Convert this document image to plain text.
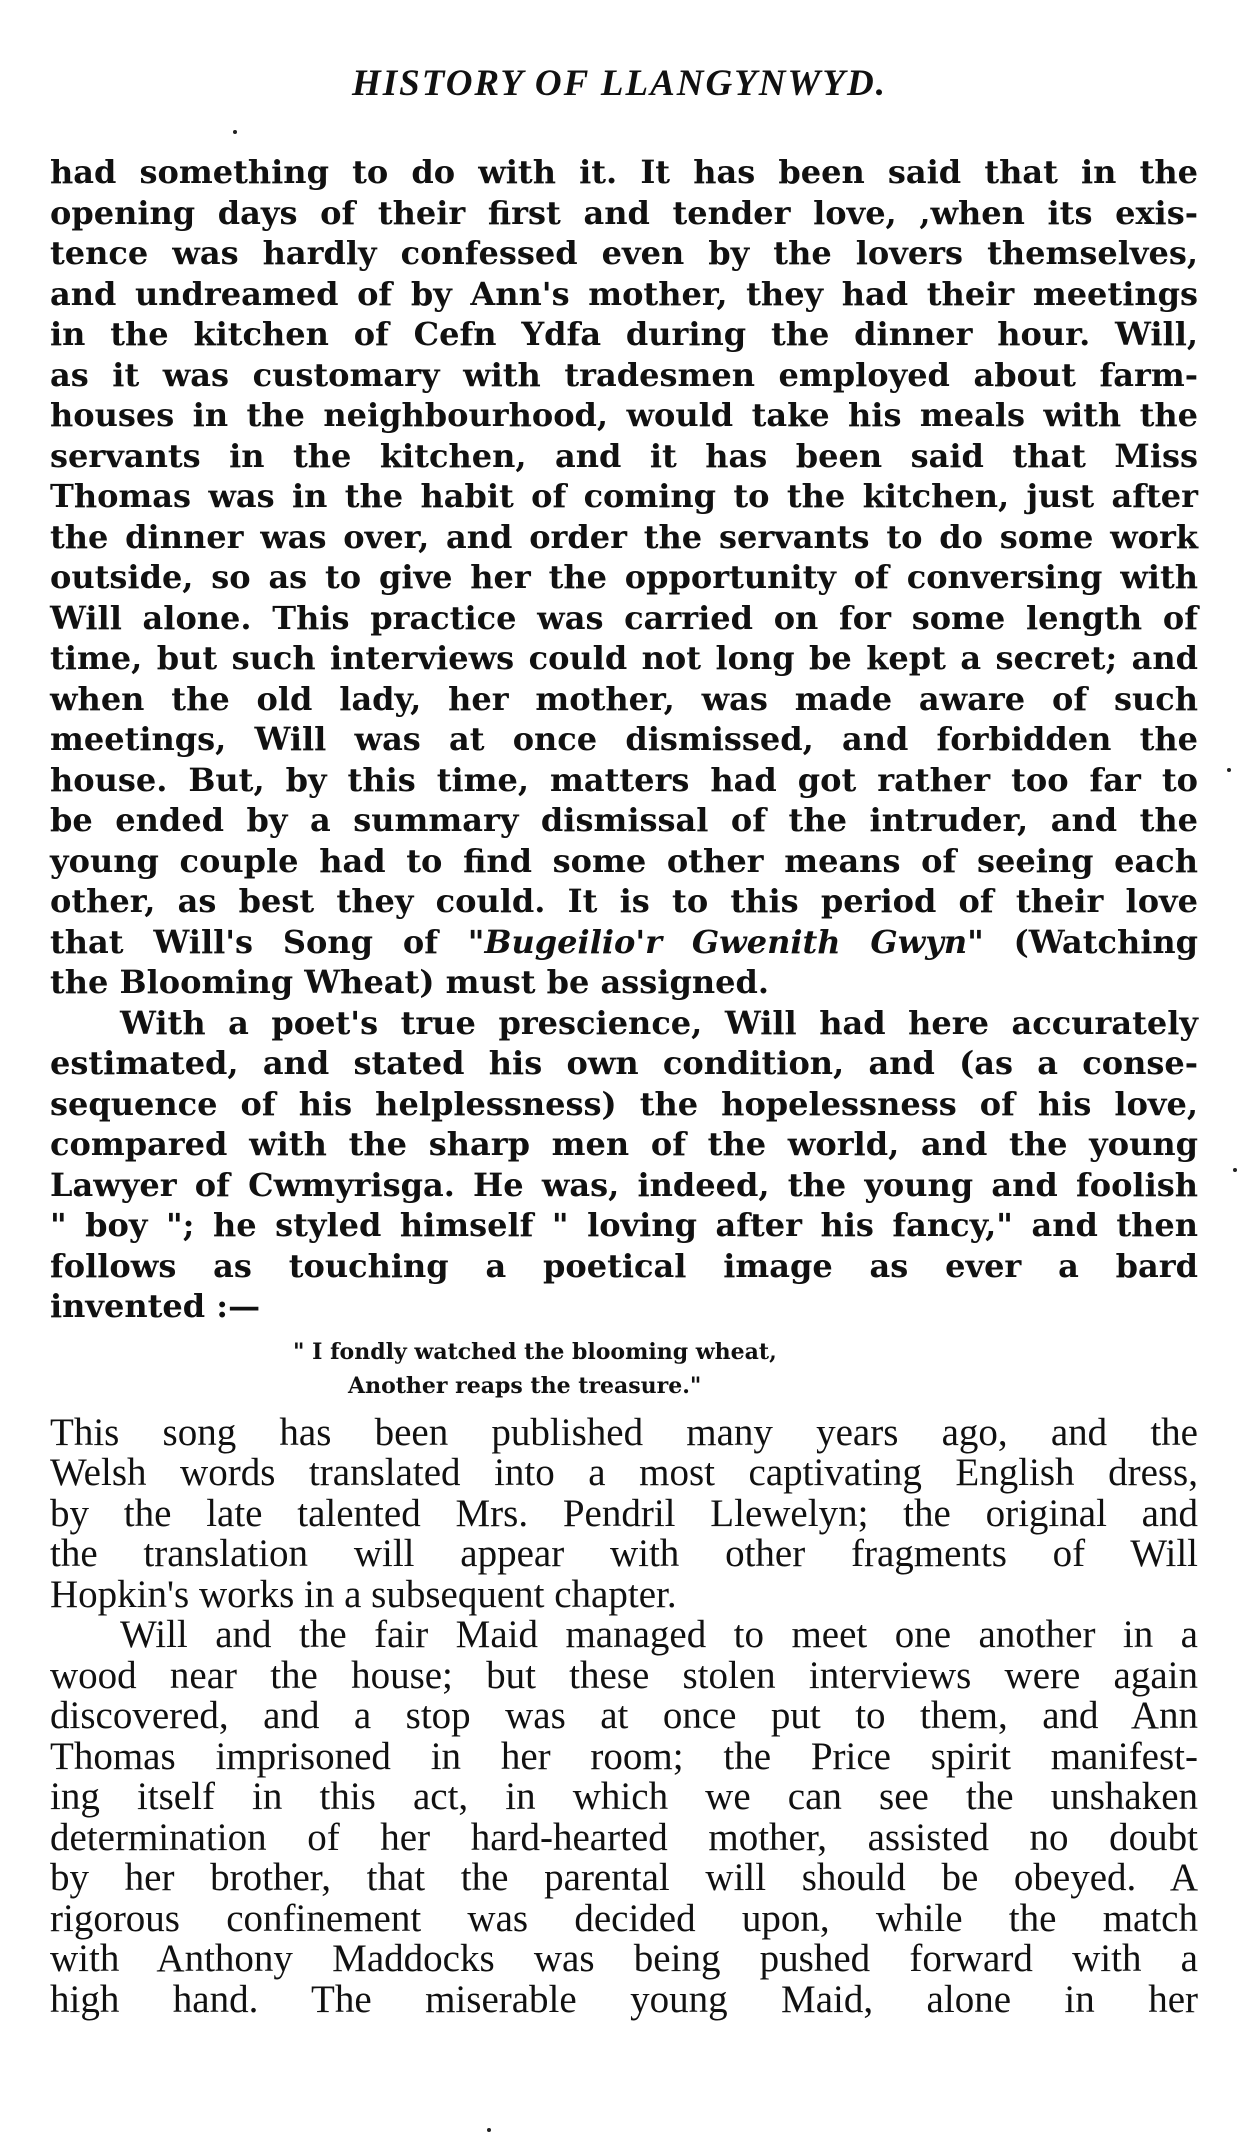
HISTORY OF LLANGYNWYD.
had something to do with it. It has been said that in the
opening days of their first and tender love, ,when its exis-
tence was hardly confessed even by the lovers themselves,
and undreamed of by Ann's mother, they had their meetings
in the kitchen of Cefn Ydfa during the dinner hour. Will,
as it was customary with tradesmen employed about farm-
houses in the neighbourhood, would take his meals with the
servants in the kitchen, and it has been said that Miss
Thomas was in the habit of coming to the kitchen, just after
the dinner was over, and order the servants to do some work
outside, so as to give her the opportunity of conversing with
Will alone. This practice was carried on for some length of
time, but such interviews could not long be kept a secret; and
when the old lady, her mother, was made aware of such
meetings, Will was at once dismissed, and forbidden the
house. But, by this time, matters had got rather too far to
be ended by a summary dismissal of the intruder, and the
young couple had to find some other means of seeing each
other, as best they could. It is to this period of their love
that Will's Song of "Bugeilio'r Gwenith Gwyn" (Watching
the Blooming Wheat) must be assigned.
With a poet's true prescience, Will had here accurately
estimated, and stated his own condition, and (as a conse-
sequence of his helplessness) the hopelessness of his love,
compared with the sharp men of the world, and the young
Lawyer of Cwmyrisga. He was, indeed, the young and foolish
" boy "; he styled himself " loving after his fancy," and then
follows as touching a poetical image as ever a bard
invented :—
" I fondly watched the blooming wheat,
Another reaps the treasure."
This song has been published many years ago, and the
Welsh words translated into a most captivating English dress,
by the late talented Mrs. Pendril Llewelyn; the original and
the translation will appear with other fragments of Will
Hopkin's works in a subsequent chapter.
Will and the fair Maid managed to meet one another in a
wood near the house; but these stolen interviews were again
discovered, and a stop was at once put to them, and Ann
Thomas imprisoned in her room; the Price spirit manifest-
ing itself in this act, in which we can see the unshaken
determination of her hard-hearted mother, assisted no doubt
by her brother, that the parental will should be obeyed. A
rigorous confinement was decided upon, while the match
with Anthony Maddocks was being pushed forward with a
high hand. The miserable young Maid, alone in her
